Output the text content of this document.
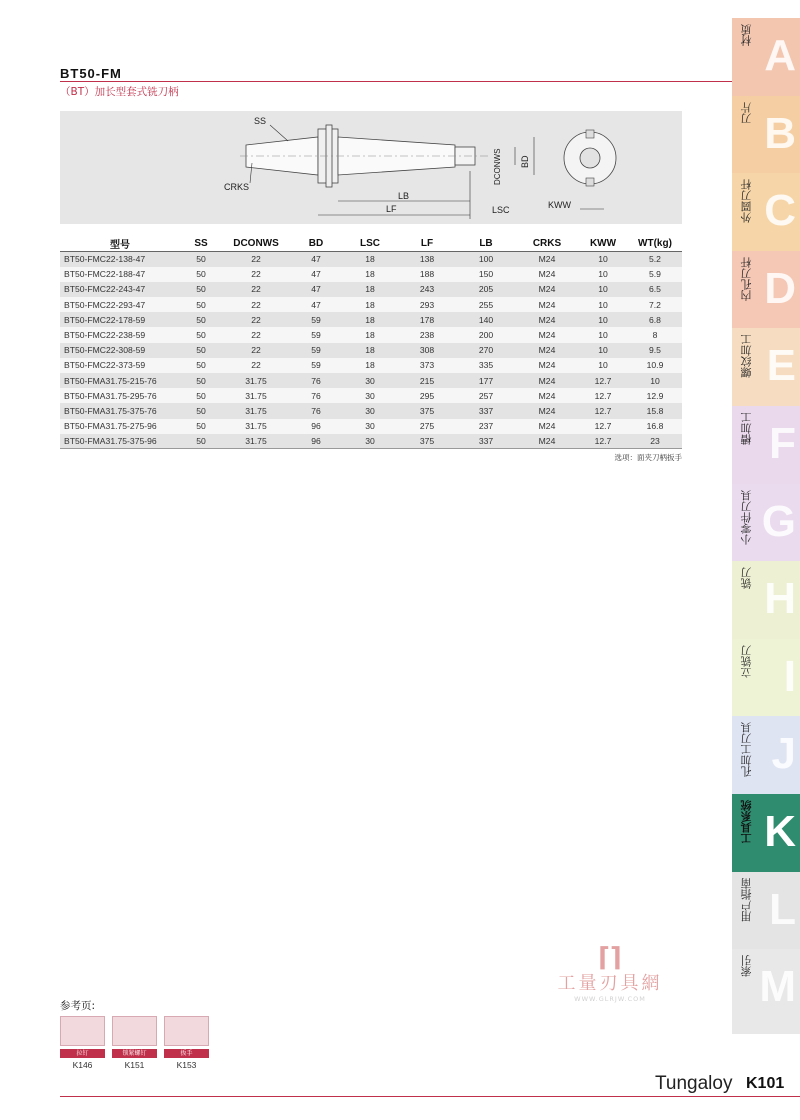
BT50-FM
（BT）加长型套式铣刀柄
SS
CRKS
LB
LF	LSC
DCONWS BD
KWW
型号	SS	DCONWS	BD	LSC	LF	LB	CRKS	KWW	WT(kg)
BT50-FMC22-138-47	50	22	47	18	138	100	M24	10	5.2
BT50-FMC22-188-47	50	22	47	18	188	150	M24	10	5.9
BT50-FMC22-243-47	50	22	47	18	243	205	M24	10	6.5
BT50-FMC22-293-47	50	22	47	18	293	255	M24	10	7.2
BT50-FMC22-178-59	50	22	59	18	178	140	M24	10	6.8
BT50-FMC22-238-59	50	22	59	18	238	200	M24	10	8
BT50-FMC22-308-59	50	22	59	18	308	270	M24	10	9.5
BT50-FMC22-373-59	50	22	59	18	373	335	M24	10	10.9
BT50-FMA31.75-215-76	50	31.75	76	30	215	177	M24	12.7	10
BT50-FMA31.75-295-76	50	31.75	76	30	295	257	M24	12.7	12.9
BT50-FMA31.75-375-76	50	31.75	76	30	375	337	M24	12.7	15.8
BT50-FMA31.75-275-96	50	31.75	96	30	275	237	M24	12.7	16.8
BT50-FMA31.75-375-96	50	31.75	96	30	375	337	M24	12.7	23
选项：面夹刀柄扳手
材质 A
刀片 B
外圆刀杆 C
内孔刀杆 D
螺纹加工 E
槽加工 F
小零件刀具 G
铣刀 H
立铣刀 I
孔加工刀具 J
工具系统 K
用户指南 L
索引 M
⌈⌉
工量刃具網
WWW.GLRJW.COM
参考页:
拉钉
K146
锁紧螺钉
K151
扳手
K153
Tungaloy K101
